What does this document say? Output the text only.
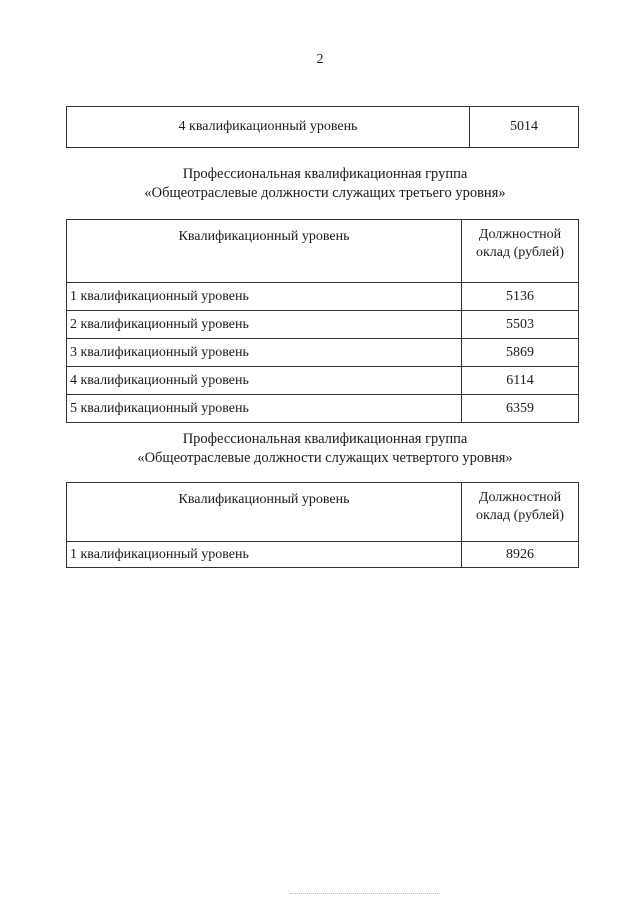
2
4 квалификационный уровень	5014
Профессиональная квалификационная группа
«Общеотраслевые должности служащих третьего уровня»
Квалификационный уровень	Должностной
оклад (рублей)

1 квалификационный уровень	5136
2 квалификационный уровень	5503
3 квалификационный уровень	5869
4 квалификационный уровень	6114
5 квалификационный уровень	6359
Профессиональная квалификационная группа
«Общеотраслевые должности служащих четвертого уровня»
Квалификационный уровень	Должностной
оклад (рублей)

1 квалификационный уровень	8926
